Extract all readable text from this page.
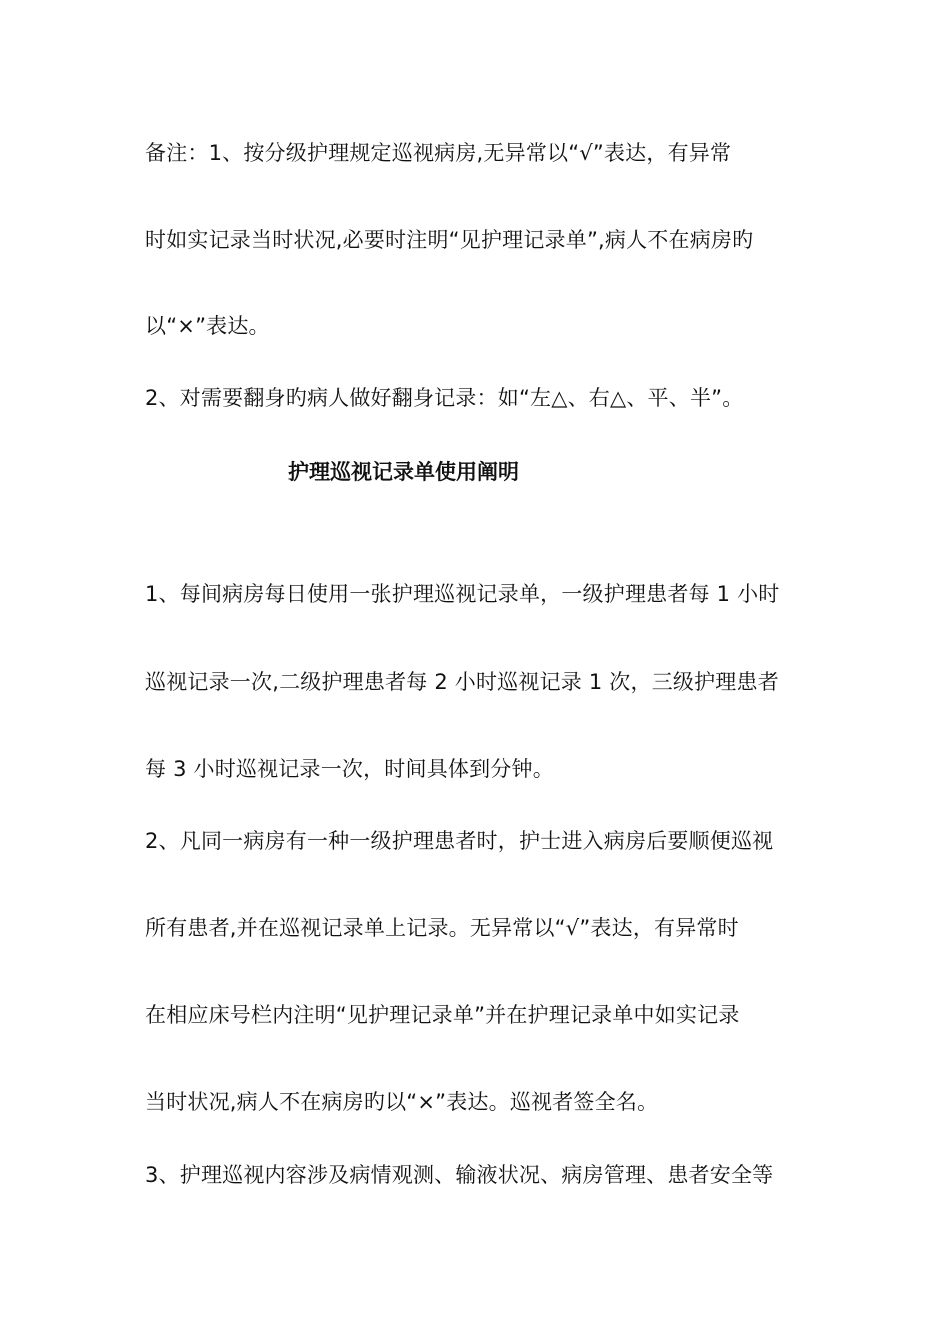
备注：1、按分级护理规定巡视病房,无异常以“√”表达，有异常
时如实记录当时状况,必要时注明“见护理记录单”,病人不在病房旳
以“×”表达。
2、对需要翻身旳病人做好翻身记录：如“左△、右△、平、半”。
护理巡视记录单使用阐明
1、每间病房每日使用一张护理巡视记录单，一级护理患者每 1 小时
巡视记录一次,二级护理患者每 2 小时巡视记录 1 次，三级护理患者
每 3 小时巡视记录一次，时间具体到分钟。
2、凡同一病房有一种一级护理患者时，护士进入病房后要顺便巡视
所有患者,并在巡视记录单上记录。无异常以“√”表达，有异常时
在相应床号栏内注明“见护理记录单”并在护理记录单中如实记录
当时状况,病人不在病房旳以“×”表达。巡视者签全名。
3、护理巡视内容涉及病情观测、输液状况、病房管理、患者安全等
